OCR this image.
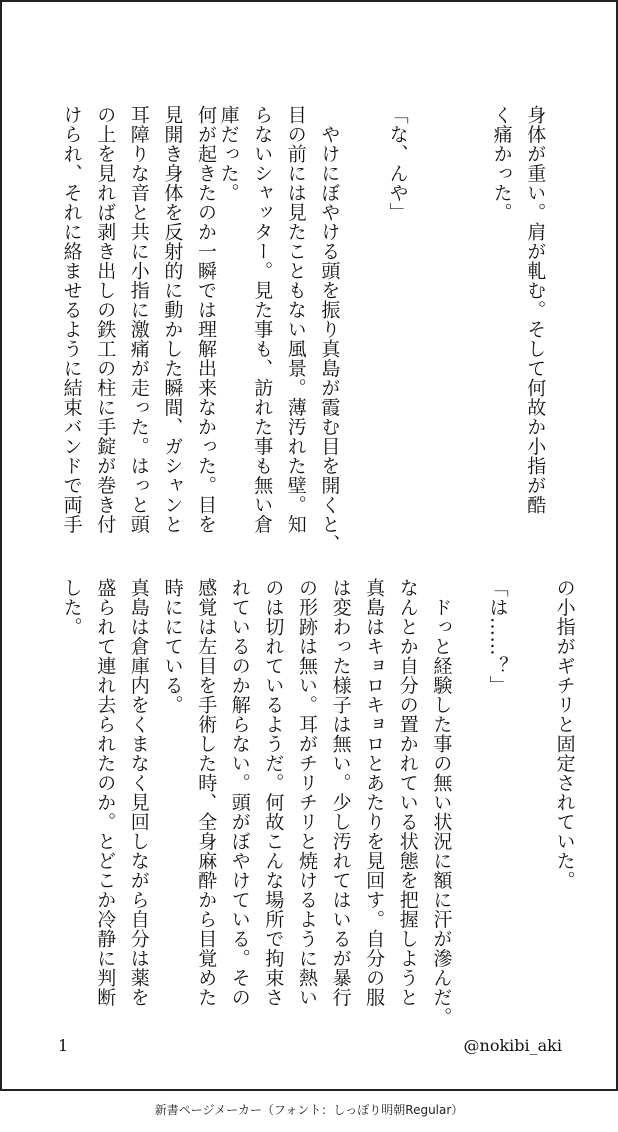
身体が重い。肩が軋む。そして何故か小指が酷
く痛かった。
「な、んや」
　やけにぼやける頭を振り真島が霞む目を開くと、
目の前には見たこともない風景。薄汚れた壁。知
らないシャッター。見た事も、訪れた事も無い倉
庫だった。
何が起きたのか一瞬では理解出来なかった。目を
見開き身体を反射的に動かした瞬間、ガシャンと
耳障りな音と共に小指に激痛が走った。はっと頭
の上を見れば剥き出しの鉄工の柱に手錠が巻き付
けられ、それに絡ませるように結束バンドで両手
の小指がギチリと固定されていた。
「は……？」
　ドっと経験した事の無い状況に額に汗が滲んだ。
なんとか自分の置かれている状態を把握しようと
真島はキョロキョロとあたりを見回す。自分の服
は変わった様子は無い。少し汚れてはいるが暴行
の形跡は無い。耳がチリチリと焼けるように熱い
のは切れているようだ。何故こんな場所で拘束さ
れているのか解らない。頭がぼやけている。その
感覚は左目を手術した時、全身麻酔から目覚めた
時ににている。
真島は倉庫内をくまなく見回しながら自分は薬を
盛られて連れ去られたのか。とどこか冷静に判断
した。
1	@nokibi_aki
新書ページメーカー（フォント：しっぽり明朝Regular）
